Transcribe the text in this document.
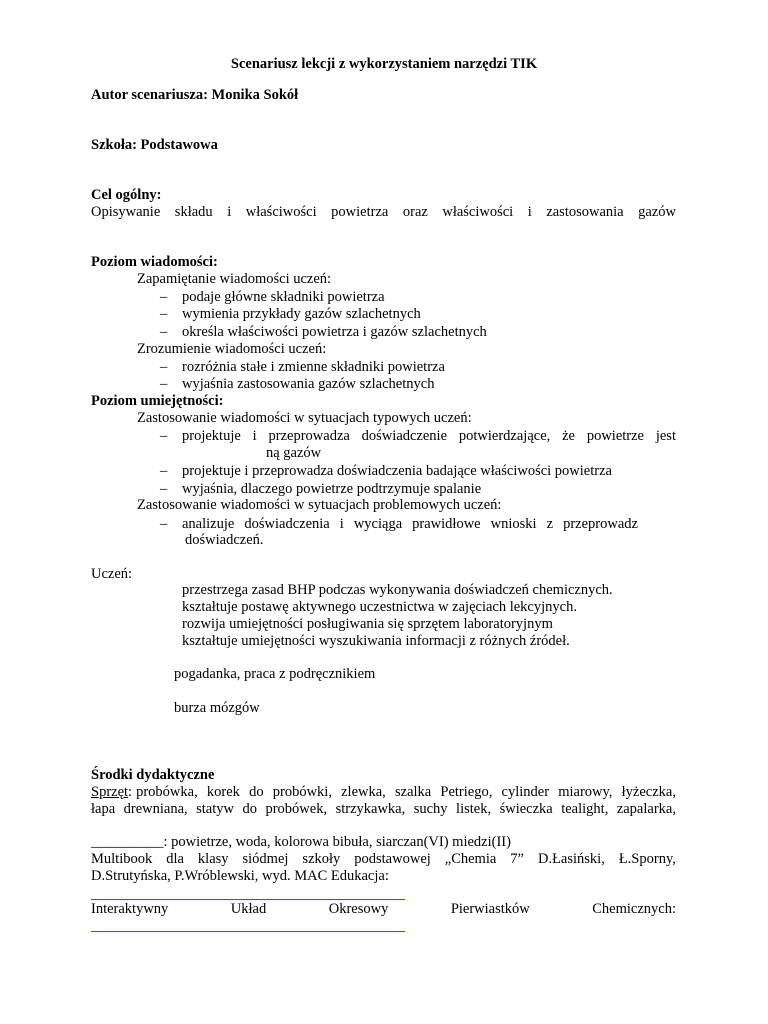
Scenariusz lekcji z wykorzystaniem narzędzi TIK
Autor scenariusza: Monika Sokół
Szkoła: Podstawowa
Cel ogólny:
Opisywanie składu i właściwości powietrza oraz właściwości i zastosowania gazów
Poziom wiadomości:
Zapamiętanie wiadomości uczeń:
– podaje główne składniki powietrza
– wymienia przykłady gazów szlachetnych
– określa właściwości powietrza i gazów szlachetnych
Zrozumienie wiadomości uczeń:
– rozróżnia stałe i zmienne składniki powietrza
– wyjaśnia zastosowania gazów szlachetnych
Poziom umiejętności:
Zastosowanie wiadomości w sytuacjach typowych uczeń:
– projektuje i przeprowadza doświadczenie potwierdzające, że powietrze jest
ną gazów
– projektuje i przeprowadza doświadczenia badające właściwości powietrza
– wyjaśnia, dlaczego powietrze podtrzymuje spalanie
Zastosowanie wiadomości w sytuacjach problemowych uczeń:
– analizuje doświadczenia i wyciąga prawidłowe wnioski z przeprowadz
doświadczeń.
Uczeń:
przestrzega zasad BHP podczas wykonywania doświadczeń chemicznych.
kształtuje postawę aktywnego uczestnictwa w zajęciach lekcyjnych.
rozwija umiejętności posługiwania się sprzętem laboratoryjnym
kształtuje umiejętności wyszukiwania informacji z różnych źródeł.
pogadanka, praca z podręcznikiem
burza mózgów
Środki dydaktyczne
Sprzęt : probówka, korek do probówki, zlewka, szalka Petriego, cylinder miarowy, łyżeczka,
łapa drewniana, statyw do probówek, strzykawka, suchy listek, świeczka tealight, zapalarka,
__________: powietrze, woda, kolorowa bibuła, siarczan(VI) miedzi(II)
Multibook dla klasy siódmej szkoły podstawowej „Chemia 7” D.Łasiński, Ł.Sporny,
D.Strutyńska, P.Wróblewski, wyd. MAC Edukacja:
Interaktywny	Układ	Okresowy	Pierwiastków	Chemicznych:
